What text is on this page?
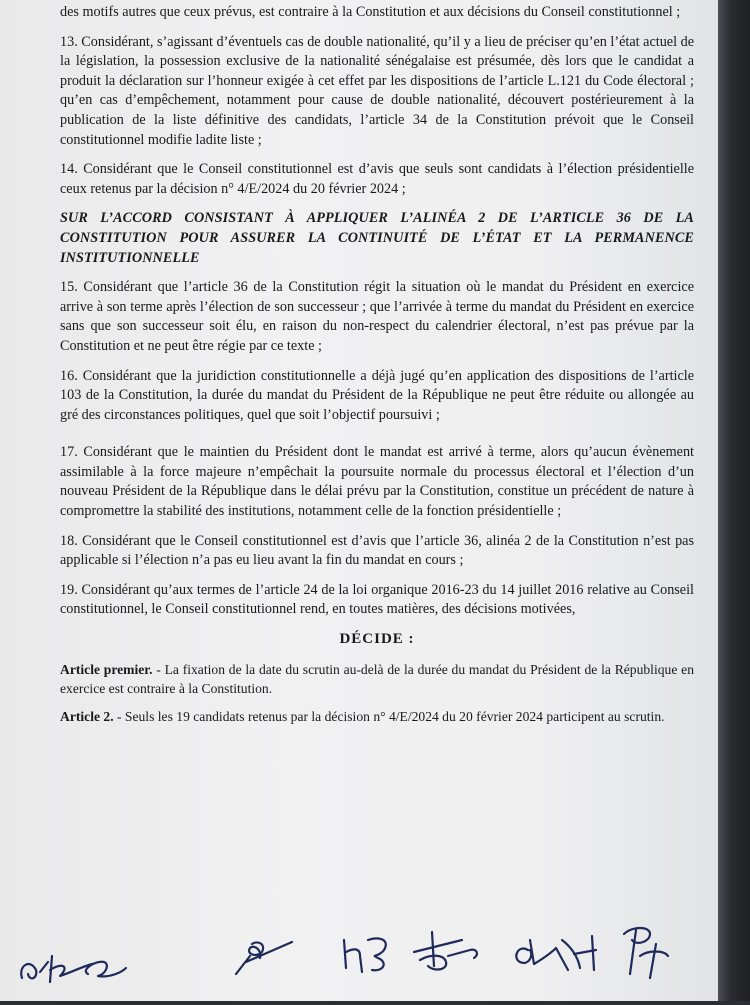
des motifs autres que ceux prévus, est contraire à la Constitution et aux décisions du Conseil constitutionnel ;

13. Considérant, s’agissant d’éventuels cas de double nationalité, qu’il y a lieu de préciser qu’en l’état actuel de la législation, la possession exclusive de la nationalité sénégalaise est présumée, dès lors que le candidat a produit la déclaration sur l’honneur exigée à cet effet par les dispositions de l’article L.121 du Code électoral ; qu’en cas d’empêchement, notamment pour cause de double nationalité, découvert postérieurement à la publication de la liste définitive des candidats, l’article 34 de la Constitution prévoit que le Conseil constitutionnel modifie ladite liste ;

14. Considérant que le Conseil constitutionnel est d’avis que seuls sont candidats à l’élection présidentielle ceux retenus par la décision n° 4/E/2024 du 20 février 2024 ;

SUR L’ACCORD CONSISTANT À APPLIQUER L’ALINÉA 2 DE L’ARTICLE 36 DE LA CONSTITUTION POUR ASSURER LA CONTINUITÉ DE L’ÉTAT ET LA PERMANENCE INSTITUTIONNELLE

15. Considérant que l’article 36 de la Constitution régit la situation où le mandat du Président en exercice arrive à son terme après l’élection de son successeur ; que l’arrivée à terme du mandat du Président en exercice sans que son successeur soit élu, en raison du non-respect du calendrier électoral, n’est pas prévue par la Constitution et ne peut être régie par ce texte ;

16. Considérant que la juridiction constitutionnelle a déjà jugé qu’en application des dispositions de l’article 103 de la Constitution, la durée du mandat du Président de la République ne peut être réduite ou allongée au gré des circonstances politiques, quel que soit l’objectif poursuivi ;

17. Considérant que le maintien du Président dont le mandat est arrivé à terme, alors qu’aucun évènement assimilable à la force majeure n’empêchait la poursuite normale du processus électoral et l’élection d’un nouveau Président de la République dans le délai prévu par la Constitution, constitue un précédent de nature à compromettre la stabilité des institutions, notamment celle de la fonction présidentielle ;

18. Considérant que le Conseil constitutionnel est d’avis que l’article 36, alinéa 2 de la Constitution n’est pas applicable si l’élection n’a pas eu lieu avant la fin du mandat en cours ;

19. Considérant qu’aux termes de l’article 24 de la loi organique 2016-23 du 14 juillet 2016 relative au Conseil constitutionnel, le Conseil constitutionnel rend, en toutes matières, des décisions motivées,

DÉCIDE :

Article premier. - La fixation de la date du scrutin au-delà de la durée du mandat du Président de la République en exercice est contraire à la Constitution.

Article 2. - Seuls les 19 candidats retenus par la décision n° 4/E/2024 du 20 février 2024 participent au scrutin.
